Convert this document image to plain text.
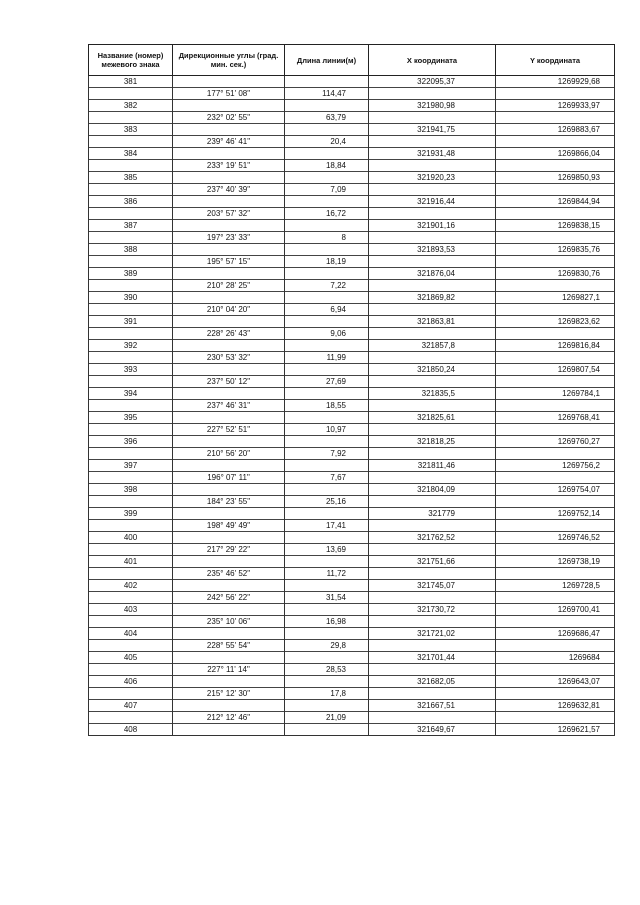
Название (номер) межевого знака	Дирекционные углы (град. мин. сек.)	Длина линии(м)	X координата	Y координата
381			322095,37	1269929,68
	177° 51' 08"	114,47		
382			321980,98	1269933,97
	232° 02' 55"	63,79		
383			321941,75	1269883,67
	239° 46' 41"	20,4		
384			321931,48	1269866,04
	233° 19' 51"	18,84		
385			321920,23	1269850,93
	237° 40' 39"	7,09		
386			321916,44	1269844,94
	203° 57' 32"	16,72		
387			321901,16	1269838,15
	197° 23' 33"	8		
388			321893,53	1269835,76
	195° 57' 15"	18,19		
389			321876,04	1269830,76
	210° 28' 25"	7,22		
390			321869,82	1269827,1
	210° 04' 20"	6,94		
391			321863,81	1269823,62
	228° 26' 43"	9,06		
392			321857,8	1269816,84
	230° 53' 32"	11,99		
393			321850,24	1269807,54
	237° 50' 12"	27,69		
394			321835,5	1269784,1
	237° 46' 31"	18,55		
395			321825,61	1269768,41
	227° 52' 51"	10,97		
396			321818,25	1269760,27
	210° 56' 20"	7,92		
397			321811,46	1269756,2
	196° 07' 11"	7,67		
398			321804,09	1269754,07
	184° 23' 55"	25,16		
399			321779	1269752,14
	198° 49' 49"	17,41		
400			321762,52	1269746,52
	217° 29' 22"	13,69		
401			321751,66	1269738,19
	235° 46' 52"	11,72		
402			321745,07	1269728,5
	242° 56' 22"	31,54		
403			321730,72	1269700,41
	235° 10' 06"	16,98		
404			321721,02	1269686,47
	228° 55' 54"	29,8		
405			321701,44	1269684
	227° 11' 14"	28,53		
406			321682,05	1269643,07
	215° 12' 30"	17,8		
407			321667,51	1269632,81
	212° 12' 46"	21,09		
408			321649,67	1269621,57
